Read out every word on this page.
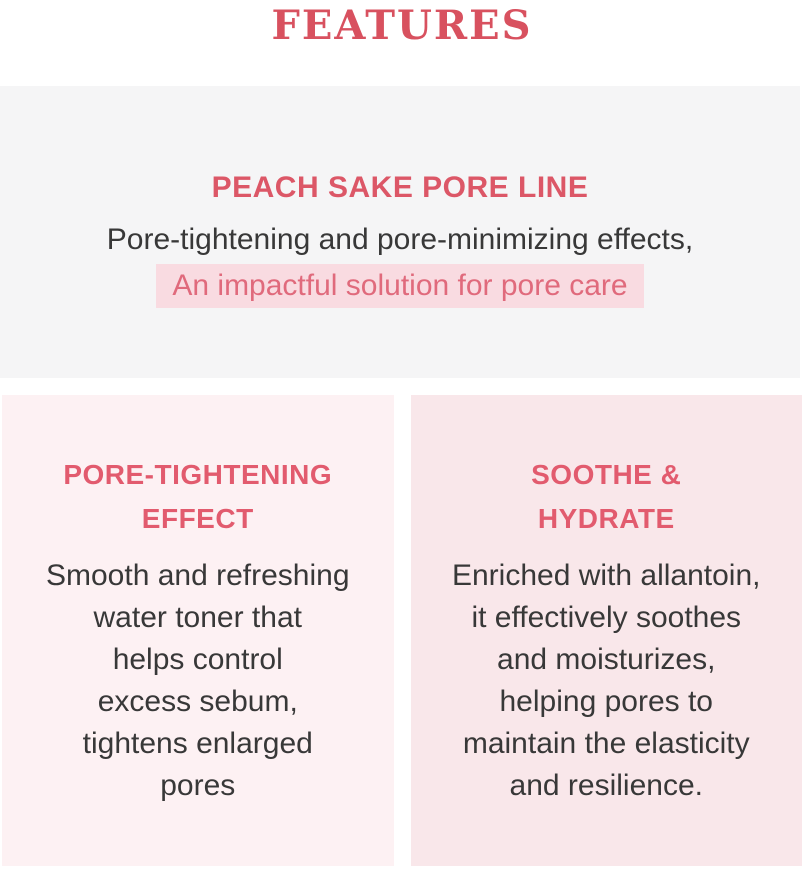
FEATURES
PEACH SAKE PORE LINE

Pore-tightening and pore-minimizing effects,

An impactful solution for pore care
PORE-TIGHTENING
EFFECT
Smooth and refreshing
water toner that
helps control
excess sebum,
tightens enlarged
pores
SOOTHE &
HYDRATE
Enriched with allantoin,
it effectively soothes
and moisturizes,
helping pores to
maintain the elasticity
and resilience.
